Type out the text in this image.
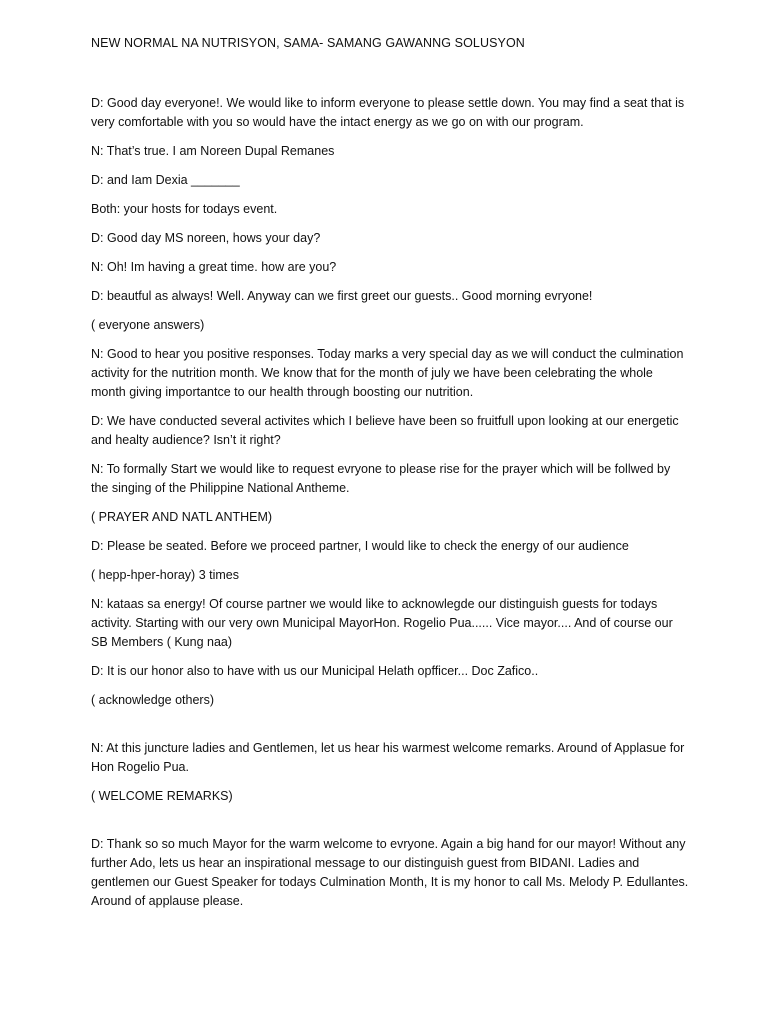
NEW NORMAL NA NUTRISYON, SAMA- SAMANG GAWANNG SOLUSYON

D: Good day everyone!. We would like to inform everyone to please settle down. You may find a seat that is very comfortable with you so would have the intact energy as we go on with our program.

N: That’s true. I am Noreen Dupal Remanes

D: and Iam Dexia _______

Both: your hosts for todays event.

D: Good day MS noreen, hows your day?

N: Oh! Im having a great time. how are you?

D: beautful as always! Well. Anyway can we first greet our guests.. Good morning evryone!

( everyone answers)

N: Good to hear you positive responses. Today marks a very special day as we will conduct the culmination activity for the nutrition month. We know that for the month of july we have been celebrating the whole month giving importantce to our health through boosting our nutrition.

D: We have conducted several activites which I believe have been so fruitfull upon looking at our energetic and healty audience? Isn’t it right?

N: To formally Start we would like to request evryone to please rise for the prayer which will be follwed by the singing of the Philippine National Antheme.

( PRAYER AND NATL ANTHEM)

D: Please be seated. Before we proceed partner, I would like to check the energy of our audience

( hepp-hper-horay) 3 times

N: kataas sa energy! Of course partner we would like to acknowlegde our distinguish guests for todays activity. Starting with our very own Municipal MayorHon. Rogelio Pua...... Vice mayor.... And of course our SB Members ( Kung naa)

D: It is our honor also to have with us our Municipal Helath opfficer... Doc Zafico..

( acknowledge others)

N: At this juncture ladies and Gentlemen, let us hear his warmest welcome remarks. Around of Applasue for Hon Rogelio Pua.

( WELCOME REMARKS)

D: Thank so so much Mayor for the warm welcome to evryone. Again a big hand for our mayor! Without any further Ado, lets us hear an inspirational message to our distinguish guest from BIDANI. Ladies and gentlemen our Guest Speaker for todays Culmination Month, It is my honor to call Ms. Melody P. Edullantes. Around of applause please.
